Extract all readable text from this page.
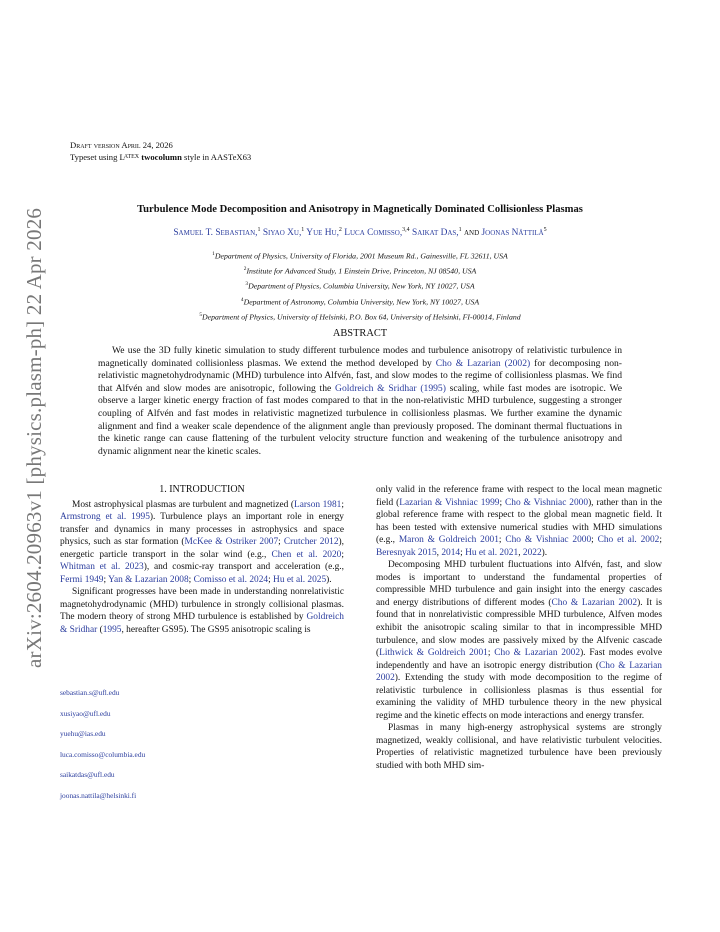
arXiv:2604.20963v1 [physics.plasm-ph] 22 Apr 2026
Draft version April 24, 2026
Typeset using $L^{ATEX}$ twocolumn style in AASTeX63
Turbulence Mode Decomposition and Anisotropy in Magnetically Dominated Collisionless Plasmas
Samuel T. Sebastian,$^1$ Siyao Xu,$^1$ Yue Hu,$^2$ Luca Comisso,$^{3,4}$ Saikat Das,$^1$ and Joonas Nättilä$^5$
$^1$Department of Physics, University of Florida, 2001 Museum Rd., Gainesville, FL 32611, USA
$^2$Institute for Advanced Study, 1 Einstein Drive, Princeton, NJ 08540, USA
$^3$Department of Physics, Columbia University, New York, NY 10027, USA
$^4$Department of Astronomy, Columbia University, New York, NY 10027, USA
$^5$Department of Physics, University of Helsinki, P.O. Box 64, University of Helsinki, FI-00014, Finland
ABSTRACT
We use the 3D fully kinetic simulation to study different turbulence modes and turbulence anisotropy of relativistic turbulence in magnetically dominated collisionless plasmas. We extend the method developed by Cho & Lazarian (2002) for decomposing non-relativistic magnetohydrodynamic (MHD) turbulence into Alfvén, fast, and slow modes to the regime of collisionless plasmas. We find that Alfvén and slow modes are anisotropic, following the Goldreich & Sridhar (1995) scaling, while fast modes are isotropic. We observe a larger kinetic energy fraction of fast modes compared to that in the non-relativistic MHD turbulence, suggesting a stronger coupling of Alfvén and fast modes in relativistic magnetized turbulence in collisionless plasmas. We further examine the dynamic alignment and find a weaker scale dependence of the alignment angle than previously proposed. The dominant thermal fluctuations in the kinetic range can cause flattening of the turbulent velocity structure function and weakening of the turbulence anisotropy and dynamic alignment near the kinetic scales.
1. INTRODUCTION

Most astrophysical plasmas are turbulent and magnetized (Larson 1981; Armstrong et al. 1995). Turbulence plays an important role in energy transfer and dynamics in many processes in astrophysics and space physics, such as star formation (McKee & Ostriker 2007; Crutcher 2012), energetic particle transport in the solar wind (e.g., Chen et al. 2020; Whitman et al. 2023), and cosmic-ray transport and acceleration (e.g., Fermi 1949; Yan & Lazarian 2008; Comisso et al. 2024; Hu et al. 2025).

Significant progresses have been made in understanding nonrelativistic magnetohydrodynamic (MHD) turbulence in strongly collisional plasmas. The modern theory of strong MHD turbulence is established by Goldreich & Sridhar (1995, hereafter GS95). The GS95 anisotropic scaling is

only valid in the reference frame with respect to the local mean magnetic field (Lazarian & Vishniac 1999; Cho & Vishniac 2000), rather than in the global reference frame with respect to the global mean magnetic field. It has been tested with extensive numerical studies with MHD simulations (e.g., Maron & Goldreich 2001; Cho & Vishniac 2000; Cho et al. 2002; Beresnyak 2015, 2014; Hu et al. 2021, 2022).

Decomposing MHD turbulent fluctuations into Alfvén, fast, and slow modes is important to understand the fundamental properties of compressible MHD turbulence and gain insight into the energy cascades and energy distributions of different modes (Cho & Lazarian 2002). It is found that in nonrelativistic compressible MHD turbulence, Alfven modes exhibit the anisotropic scaling similar to that in incompressible MHD turbulence, and slow modes are passively mixed by the Alfvenic cascade (Lithwick & Goldreich 2001; Cho & Lazarian 2002). Fast modes evolve independently and have an isotropic energy distribution (Cho & Lazarian 2002). Extending the study with mode decomposition to the regime of relativistic turbulence in collisionless plasmas is thus essential for examining the validity of MHD turbulence theory in the new physical regime and the kinetic effects on mode interactions and energy transfer.

Plasmas in many high-energy astrophysical systems are strongly magnetized, weakly collisional, and have relativistic turbulent velocities. Properties of relativistic magnetized turbulence have been previously studied with both MHD sim-

sebastian.s@ufl.edu
xusiyao@ufl.edu
yuehu@ias.edu
luca.comisso@columbia.edu
saikatdas@ufl.edu
joonas.nattila@helsinki.fi
